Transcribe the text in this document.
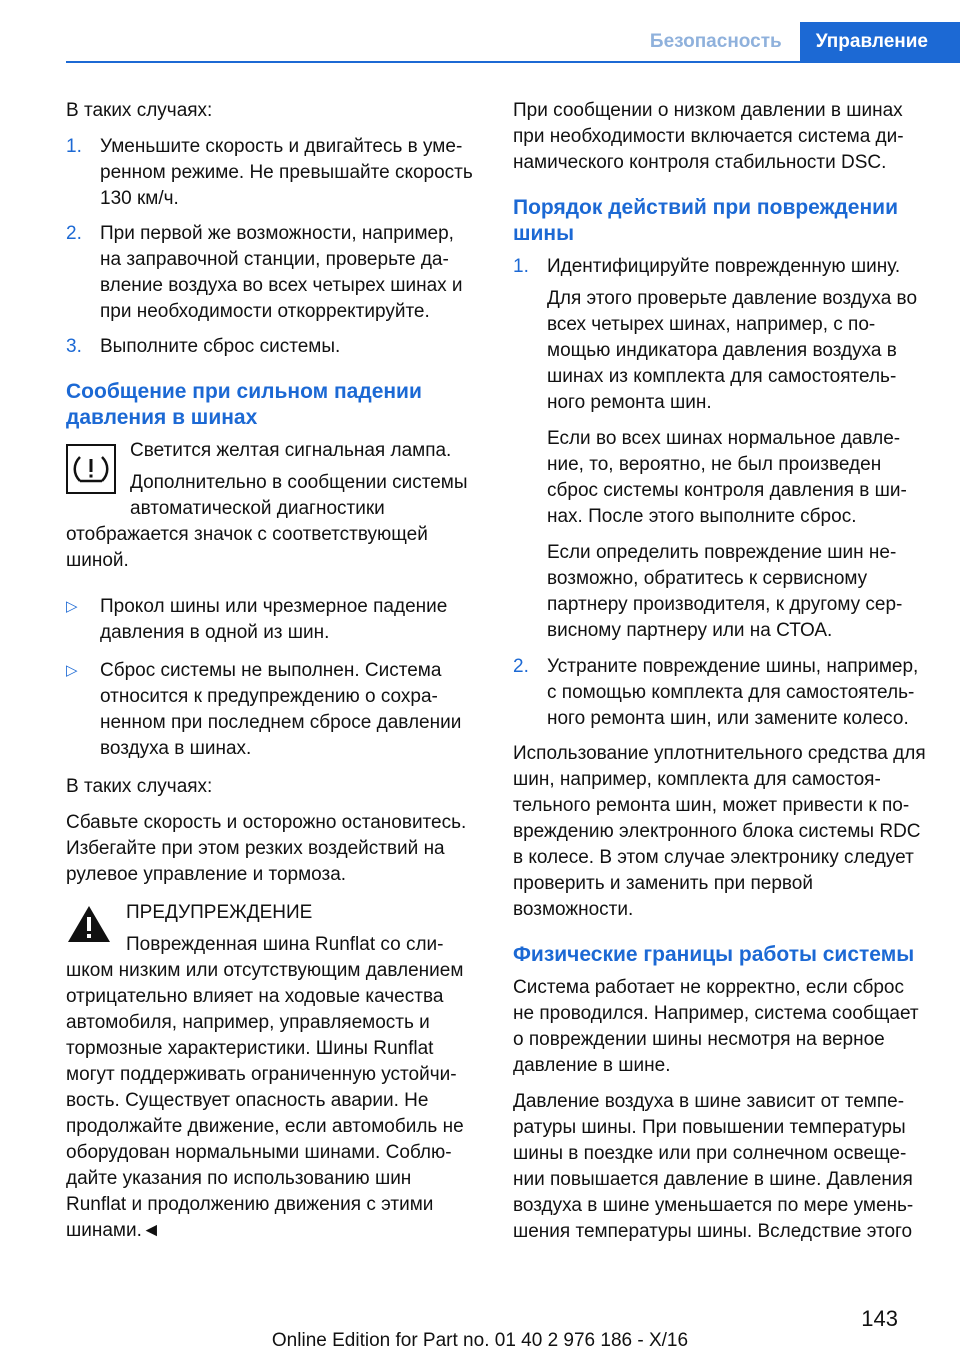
Безопасность	Управление

В таких случаях:

1. Уменьшите скорость и двигайтесь в умеренном режиме. Не превышайте скорость 130 км/ч.
2. При первой же возможности, например, на заправочной станции, проверьте давление воздуха во всех четырех шинах и при необходимости откорректируйте.
3. Выполните сброс системы.
Сообщение при сильном падении давления в шинах

Светится желтая сигнальная лампа.

Дополнительно в сообщении системы автоматической диагностики отображается значок с соответствующей шиной.

▷	Прокол шины или чрезмерное падение давления в одной из шин.
▷	Сброс системы не выполнен. Система относится к предупреждению о сохраненном при последнем сбросе давлении воздуха в шинах.

В таких случаях:

Сбавьте скорость и осторожно остановитесь. Избегайте при этом резких воздействий на рулевое управление и тормоза.

ПРЕДУПРЕЖДЕНИЕ

Поврежденная шина Runflat со слишком низким или отсутствующим давлением отрицательно влияет на ходовые качества автомобиля, например, управляемость и тормозные характеристики. Шины Runflat могут поддерживать ограниченную устойчивость. Существует опасность аварии. Не продолжайте движение, если автомобиль не оборудован нормальными шинами. Соблюдайте указания по использованию шин Runflat и продолжению движения с этими шинами.◄

При сообщении о низком давлении в шинах при необходимости включается система динамического контроля стабильности DSC.

Порядок действий при повреждении шины
1. Идентифицируйте поврежденную шину.

Для этого проверьте давление воздуха во всех четырех шинах, например, с помощью индикатора давления воздуха в шинах из комплекта для самостоятельного ремонта шин.

Если во всех шинах нормальное давление, то, вероятно, не был произведен сброс системы контроля давления в шинах. После этого выполните сброс.

Если определить повреждение шин невозможно, обратитесь к сервисному партнеру производителя, к другому сервисному партнеру или на СТОА.

2. Устраните повреждение шины, например, с помощью комплекта для самостоятельного ремонта шин, или замените колесо.

Использование уплотнительного средства для шин, например, комплекта для самостоятельного ремонта шин, может привести к повреждению электронного блока системы RDC в колесе. В этом случае электронику следует проверить и заменить при первой возможности.

Физические границы работы системы

Система работает не корректно, если сброс не проводился. Например, система сообщает о повреждении шины несмотря на верное давление в шине.

Давление воздуха в шине зависит от температуры шины. При повышении температуры шины в поездке или при солнечном освещении повышается давление в шине. Давления воздуха в шине уменьшается по мере уменьшения температуры шины. Вследствие этого

143
Online Edition for Part no. 01 40 2 976 186 - X/16
